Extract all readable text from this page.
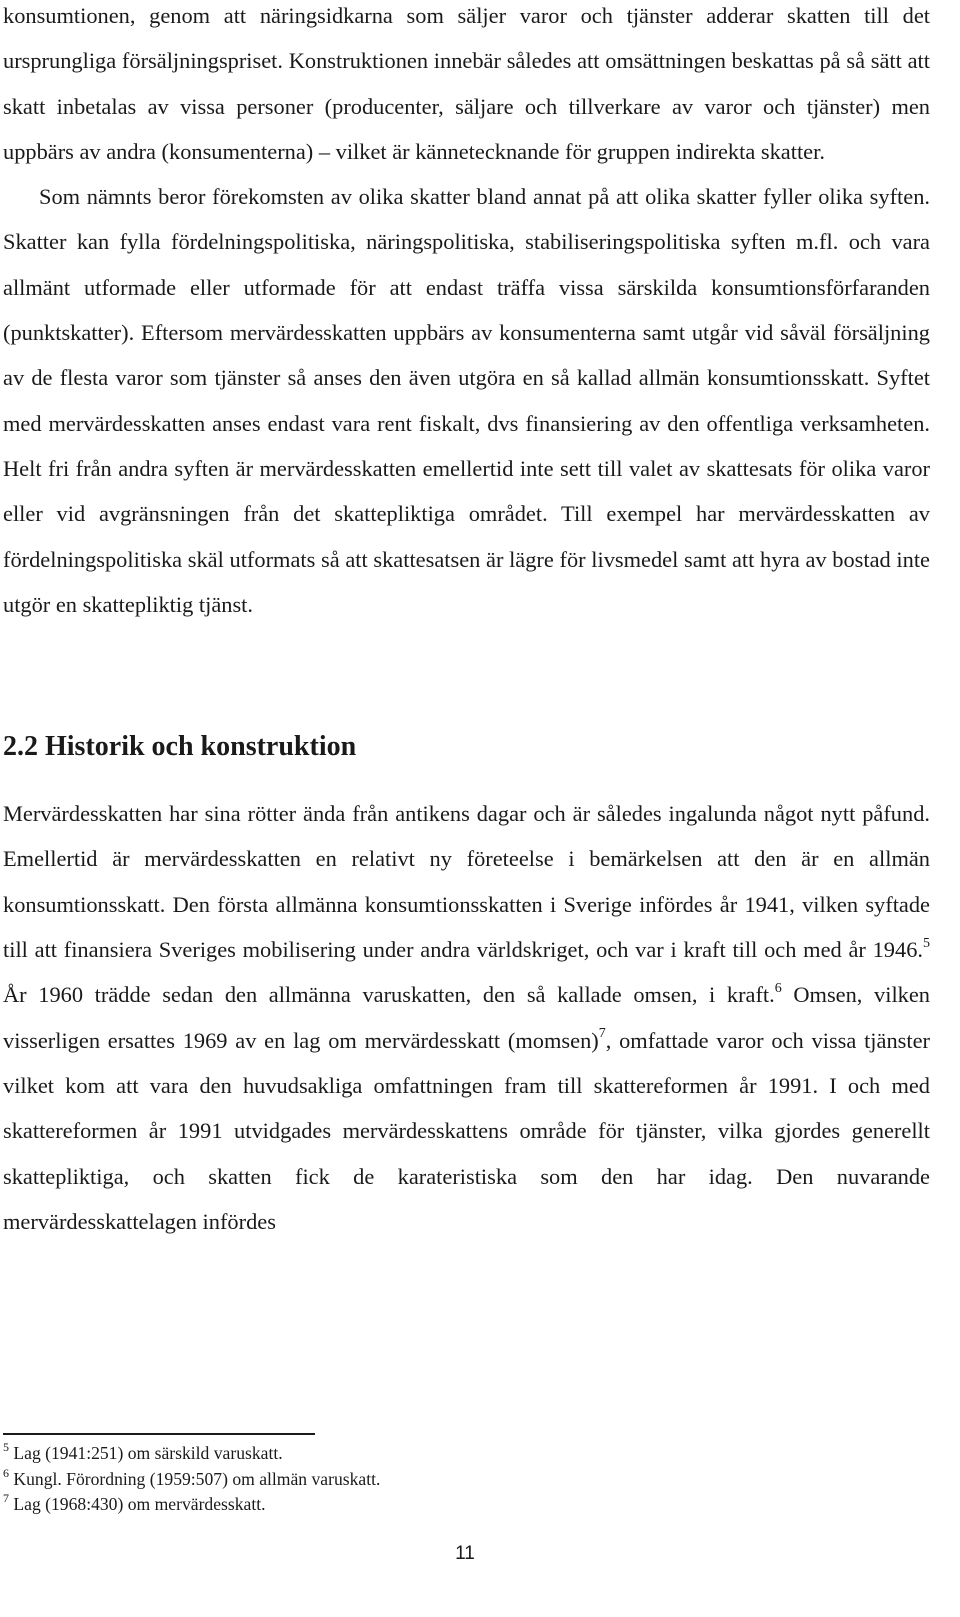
konsumtionen, genom att näringsidkarna som säljer varor och tjänster adderar skatten till det ursprungliga försäljningspriset. Konstruktionen innebär således att omsättningen beskattas på så sätt att skatt inbetalas av vissa personer (producenter, säljare och tillverkare av varor och tjänster) men uppbärs av andra (konsumenterna) – vilket är kännetecknande för gruppen indirekta skatter.

Som nämnts beror förekomsten av olika skatter bland annat på att olika skatter fyller olika syften. Skatter kan fylla fördelningspolitiska, näringspolitiska, stabiliseringspolitiska syften m.fl. och vara allmänt utformade eller utformade för att endast träffa vissa särskilda konsumtionsförfaranden (punktskatter). Eftersom mervärdesskatten uppbärs av konsumenterna samt utgår vid såväl försäljning av de flesta varor som tjänster så anses den även utgöra en så kallad allmän konsumtionsskatt. Syftet med mervärdesskatten anses endast vara rent fiskalt, dvs finansiering av den offentliga verksamheten. Helt fri från andra syften är mervärdesskatten emellertid inte sett till valet av skattesats för olika varor eller vid avgränsningen från det skattepliktiga området. Till exempel har mervärdesskatten av fördelningspolitiska skäl utformats så att skattesatsen är lägre för livsmedel samt att hyra av bostad inte utgör en skattepliktig tjänst.

2.2 Historik och konstruktion

Mervärdesskatten har sina rötter ända från antikens dagar och är således ingalunda något nytt påfund. Emellertid är mervärdesskatten en relativt ny företeelse i bemärkelsen att den är en allmän konsumtionsskatt. Den första allmänna konsumtionsskatten i Sverige infördes år 1941, vilken syftade till att finansiera Sveriges mobilisering under andra världskriget, och var i kraft till och med år 1946.$^5$ År 1960 trädde sedan den allmänna varuskatten, den så kallade omsen, i kraft.$^6$ Omsen, vilken visserligen ersattes 1969 av en lag om mervärdesskatt (momsen)$^7$, omfattade varor och vissa tjänster vilket kom att vara den huvudsakliga omfattningen fram till skattereformen år 1991. I och med skattereformen år 1991 utvidgades mervärdesskattens område för tjänster, vilka gjordes generellt skattepliktiga, och skatten fick de karateristiska som den har idag. Den nuvarande mervärdesskattelagen infördes

$^5$ Lag (1941:251) om särskild varuskatt.

$^6$ Kungl. Förordning (1959:507) om allmän varuskatt.

$^7$ Lag (1968:430) om mervärdesskatt.

11
